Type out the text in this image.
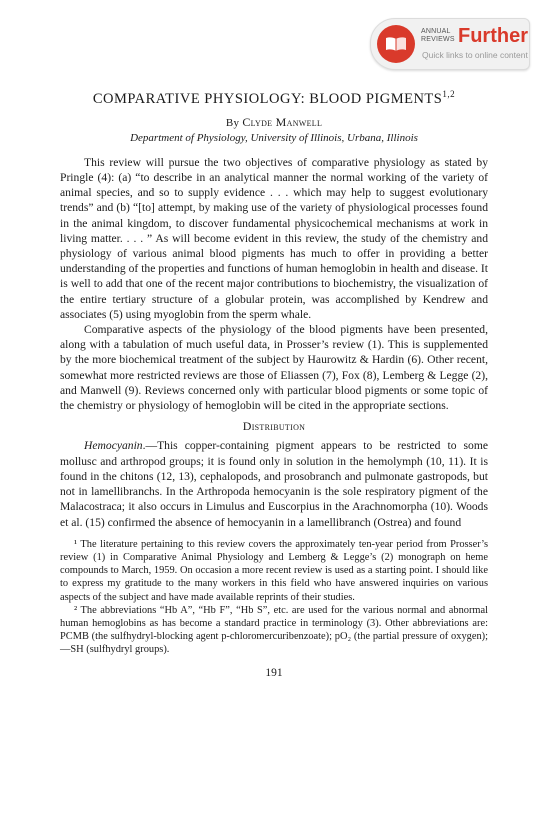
ANNUAL
REVIEWS Further
Quick links to online content
COMPARATIVE PHYSIOLOGY: BLOOD PIGMENTS$^{1,2}$
By Clyde Manwell
Department of Physiology, University of Illinois, Urbana, Illinois

This review will pursue the two objectives of comparative physiology as stated by Pringle (4): (a) “to describe in an analytical manner the normal working of the variety of animal species, and so to supply evidence . . . which may help to suggest evolutionary trends” and (b) “[to] attempt, by making use of the variety of physiological processes found in the animal kingdom, to discover fundamental physicochemical mechanisms at work in living matter. . . . ” As will become evident in this review, the study of the chemistry and physiology of various animal blood pigments has much to offer in providing a better understanding of the properties and functions of human hemoglobin in health and disease. It is well to add that one of the recent major contributions to biochemistry, the visualization of the entire tertiary structure of a globular protein, was accomplished by Kendrew and associates (5) using myoglobin from the sperm whale.

Comparative aspects of the physiology of the blood pigments have been presented, along with a tabulation of much useful data, in Prosser’s review (1). This is supplemented by the more biochemical treatment of the subject by Haurowitz & Hardin (6). Other recent, somewhat more restricted reviews are those of Eliassen (7), Fox (8), Lemberg & Legge (2), and Manwell (9). Reviews concerned only with particular blood pigments or some topic of the chemistry or physiology of hemoglobin will be cited in the appropriate sections.

Distribution

Hemocyanin.—This copper-containing pigment appears to be restricted to some mollusc and arthropod groups; it is found only in solution in the hemolymph (10, 11). It is found in the chitons (12, 13), cephalopods, and prosobranch and pulmonate gastropods, but not in lamellibranchs. In the Arthropoda hemocyanin is the sole respiratory pigment of the Malacostraca; it also occurs in Limulus and Euscorpius in the Arachnomorpha (10). Woods et al. (15) confirmed the absence of hemocyanin in a lamellibranch (Ostrea) and found

¹ The literature pertaining to this review covers the approximately ten-year period from Prosser’s review (1) in Comparative Animal Physiology and Lemberg & Legge’s (2) monograph on heme compounds to March, 1959. On occasion a more recent review is used as a starting point. I should like to express my gratitude to the many workers in this field who have answered inquiries on various aspects of the subject and have made available reprints of their studies.

² The abbreviations “Hb A”, “Hb F”, “Hb S”, etc. are used for the various normal and abnormal human hemoglobins as has become a standard practice in terminology (3). Other abbreviations are: PCMB (the sulfhydryl-blocking agent p-chloromercuribenzoate); pO₂ (the partial pressure of oxygen); —SH (sulfhydryl groups).

191
